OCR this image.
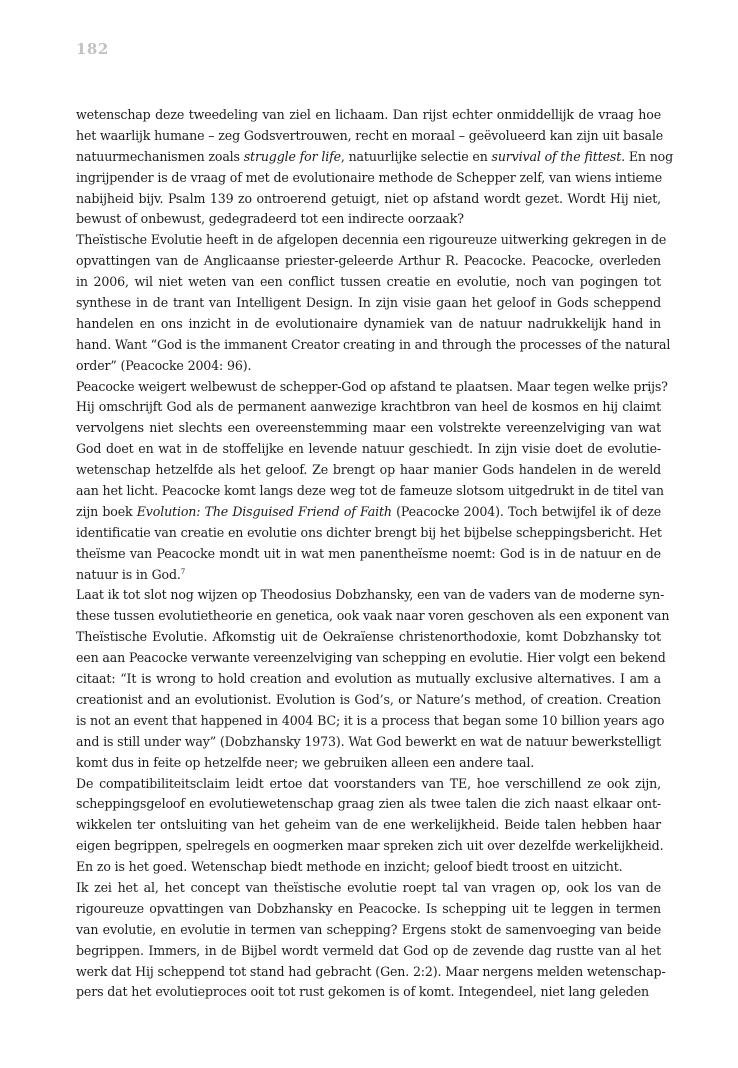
182
wetenschap deze tweedeling van ziel en lichaam. Dan rijst echter onmiddellijk de vraag hoe
het waarlijk humane – zeg Godsvertrouwen, recht en moraal – geëvolueerd kan zijn uit basale
natuurmechanismen zoals struggle for life, natuurlijke selectie en survival of the fittest. En nog
ingrijpender is de vraag of met de evolutionaire methode de Schepper zelf, van wiens intieme
nabijheid bijv. Psalm 139 zo ontroerend getuigt, niet op afstand wordt gezet. Wordt Hij niet,
bewust of onbewust, gedegradeerd tot een indirecte oorzaak?
Theïstische Evolutie heeft in de afgelopen decennia een rigoureuze uitwerking gekregen in de
opvattingen van de Anglicaanse priester-geleerde Arthur R. Peacocke. Peacocke, overleden
in 2006, wil niet weten van een conflict tussen creatie en evolutie, noch van pogingen tot
synthese in de trant van Intelligent Design. In zijn visie gaan het geloof in Gods scheppend
handelen en ons inzicht in de evolutionaire dynamiek van de natuur nadrukkelijk hand in
hand. Want “God is the immanent Creator creating in and through the processes of the natural
order” (Peacocke 2004: 96).
Peacocke weigert welbewust de schepper-God op afstand te plaatsen. Maar tegen welke prijs?
Hij omschrijft God als de permanent aanwezige krachtbron van heel de kosmos en hij claimt
vervolgens niet slechts een overeenstemming maar een volstrekte vereenzelviging van wat
God doet en wat in de stoffelijke en levende natuur geschiedt. In zijn visie doet de evolutie-
wetenschap hetzelfde als het geloof. Ze brengt op haar manier Gods handelen in de wereld
aan het licht. Peacocke komt langs deze weg tot de fameuze slotsom uitgedrukt in de titel van
zijn boek Evolution: The Disguised Friend of Faith (Peacocke 2004). Toch betwijfel ik of deze
identificatie van creatie en evolutie ons dichter brengt bij het bijbelse scheppingsbericht. Het
theïsme van Peacocke mondt uit in wat men panentheïsme noemt: God is in de natuur en de
natuur is in God.$^7$
Laat ik tot slot nog wijzen op Theodosius Dobzhansky, een van de vaders van de moderne syn-
these tussen evolutietheorie en genetica, ook vaak naar voren geschoven als een exponent van
Theïstische Evolutie. Afkomstig uit de Oekraïense christenorthodoxie, komt Dobzhansky tot
een aan Peacocke verwante vereenzelviging van schepping en evolutie. Hier volgt een bekend
citaat: “It is wrong to hold creation and evolution as mutually exclusive alternatives. I am a
creationist and an evolutionist. Evolution is God’s, or Nature’s method, of creation. Creation
is not an event that happened in 4004 BC; it is a process that began some 10 billion years ago
and is still under way” (Dobzhansky 1973). Wat God bewerkt en wat de natuur bewerkstelligt
komt dus in feite op hetzelfde neer; we gebruiken alleen een andere taal.
De compatibiliteitsclaim leidt ertoe dat voorstanders van TE, hoe verschillend ze ook zijn,
scheppingsgeloof en evolutiewetenschap graag zien als twee talen die zich naast elkaar ont-
wikkelen ter ontsluiting van het geheim van de ene werkelijkheid. Beide talen hebben haar
eigen begrippen, spelregels en oogmerken maar spreken zich uit over dezelfde werkelijkheid.
En zo is het goed. Wetenschap biedt methode en inzicht; geloof biedt troost en uitzicht.
Ik zei het al, het concept van theïstische evolutie roept tal van vragen op, ook los van de
rigoureuze opvattingen van Dobzhansky en Peacocke. Is schepping uit te leggen in termen
van evolutie, en evolutie in termen van schepping? Ergens stokt de samenvoeging van beide
begrippen. Immers, in de Bijbel wordt vermeld dat God op de zevende dag rustte van al het
werk dat Hij scheppend tot stand had gebracht (Gen. 2:2). Maar nergens melden wetenschap-
pers dat het evolutieproces ooit tot rust gekomen is of komt. Integendeel, niet lang geleden
